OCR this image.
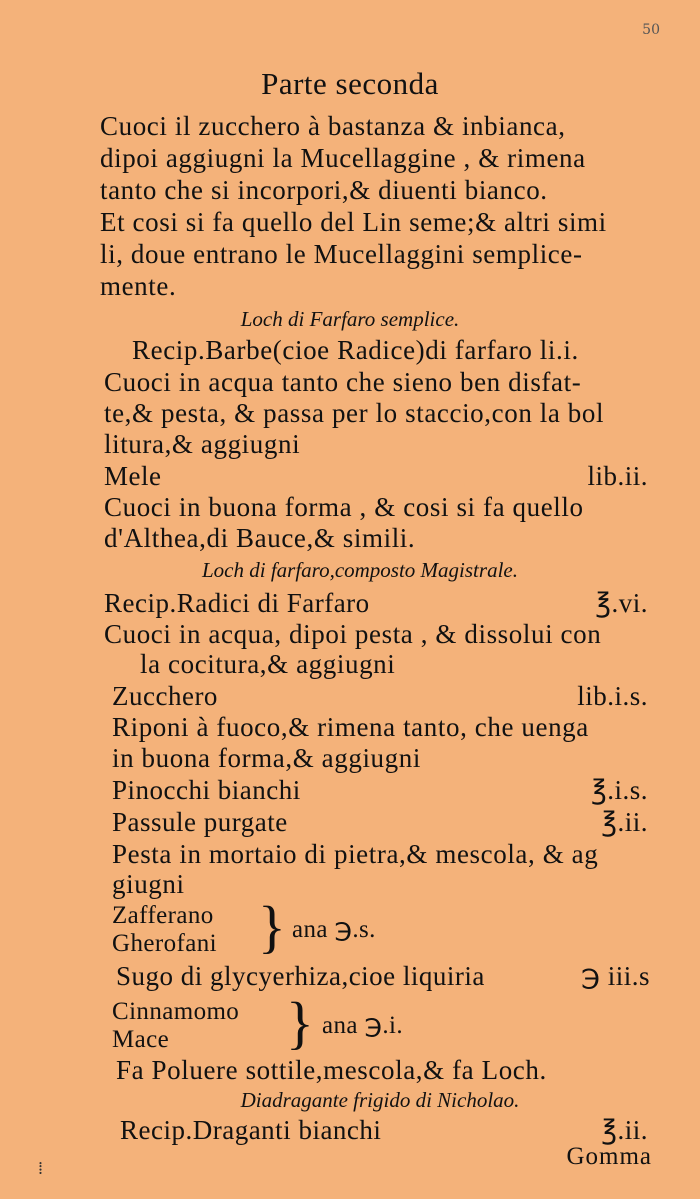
50
Parte seconda
Cuoci il zucchero à bastanza & inbianca,
dipoi aggiugni la Mucellaggine , & rimena
tanto che si incorpori,& diuenti bianco.
Et cosi si fa quello del Lin seme;& altri simi
li, doue entrano le Mucellaggini semplice-
mente.
Loch di Farfaro semplice.
Recip.Barbe(cioe Radice)di farfaro li.i.
Cuoci in acqua tanto che sieno ben disfat-
te,& pesta, & passa per lo staccio,con la bol
litura,& aggiugni
Mele	lib.ii.
Cuoci in buona forma , & cosi si fa quello
d'Althea,di Bauce,& simili.
Loch di farfaro,composto Magistrale.
Recip.Radici di Farfaro	℥.vi.
Cuoci in acqua, dipoi pesta , & dissolui con
la cocitura,& aggiugni
Zucchero	lib.i.s.
Riponi à fuoco,& rimena tanto, che uenga
in buona forma,& aggiugni
Pinocchi bianchi	℥.i.s.
Passule purgate	℥.ii.
Pesta in mortaio di pietra,& mescola, & ag
giugni
Zafferano
Gherofani } ana ℈.s.
Sugo di glycyerhiza,cioe liquiria	℈ iii.s
Cinnamomo
Mace	} ana ℈.i.
Fa Poluere sottile,mescola,& fa Loch.
Diadragante frigido di Nicholao.
Recip.Draganti bianchi	℥.ii.
Gomma
⁞
